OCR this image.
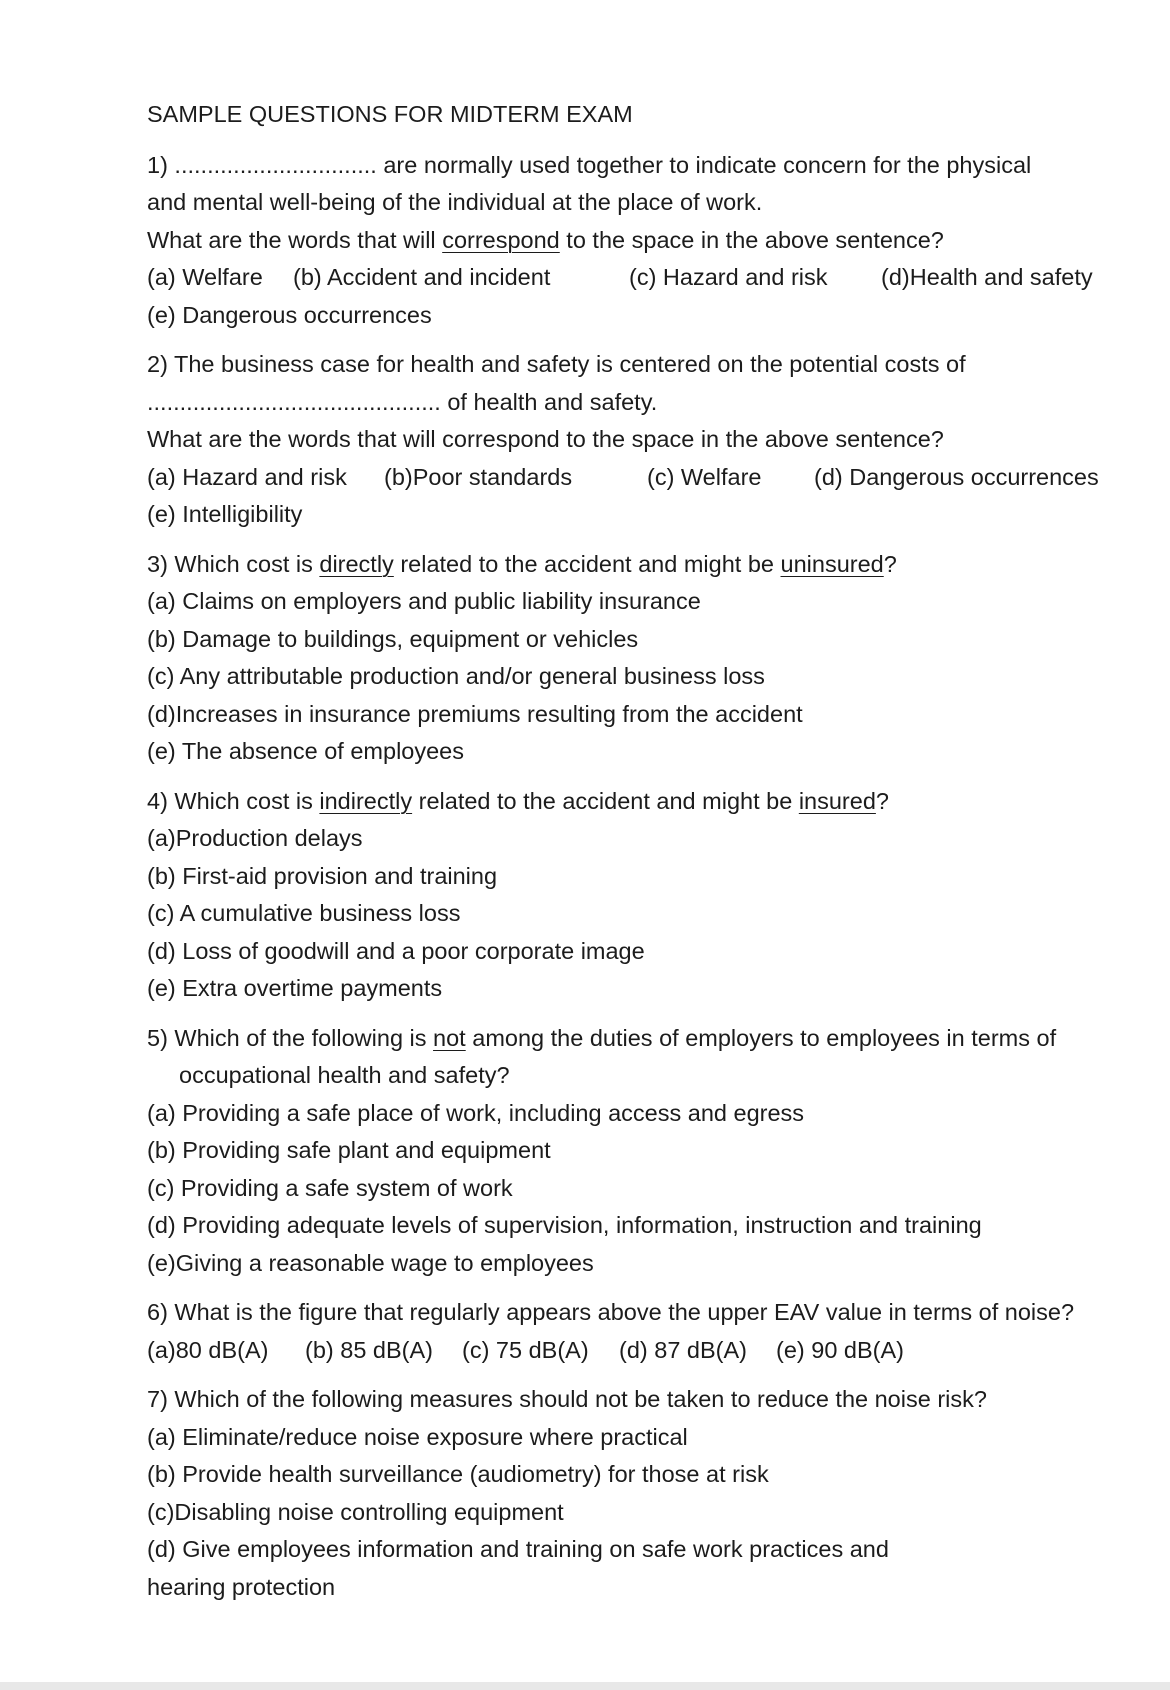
SAMPLE QUESTIONS FOR MIDTERM EXAM
1) ............................... are normally used together to indicate concern for the physical
and mental well-being of the individual at the place of work.
What are the words that will correspond to the space in the above sentence?
(a) Welfare (b) Accident and incident	(c) Hazard and risk (d)Health and safety
(e) Dangerous occurrences
2) The business case for health and safety is centered on the potential costs of
............................................. of health and safety.
What are the words that will correspond to the space in the above sentence?
(a) Hazard and risk (b)Poor standards	(c) Welfare (d) Dangerous occurrences
(e) Intelligibility
3) Which cost is directly related to the accident and might be uninsured?
(a) Claims on employers and public liability insurance
(b) Damage to buildings, equipment or vehicles
(c) Any attributable production and/or general business loss
(d)Increases in insurance premiums resulting from the accident
(e) The absence of employees
4) Which cost is indirectly related to the accident and might be insured?
(a)Production delays
(b) First-aid provision and training
(c) A cumulative business loss
(d) Loss of goodwill and a poor corporate image
(e) Extra overtime payments
5) Which of the following is not among the duties of employers to employees in terms of
occupational health and safety?
(a) Providing a safe place of work, including access and egress
(b) Providing safe plant and equipment
(c) Providing a safe system of work
(d) Providing adequate levels of supervision, information, instruction and training
(e)Giving a reasonable wage to employees
6) What is the figure that regularly appears above the upper EAV value in terms of noise?
(a)80 dB(A) (b) 85 dB(A) (c) 75 dB(A) (d) 87 dB(A) (e) 90 dB(A)
7) Which of the following measures should not be taken to reduce the noise risk?
(a) Eliminate/reduce noise exposure where practical
(b) Provide health surveillance (audiometry) for those at risk
(c)Disabling noise controlling equipment
(d) Give employees information and training on safe work practices and
hearing protection
